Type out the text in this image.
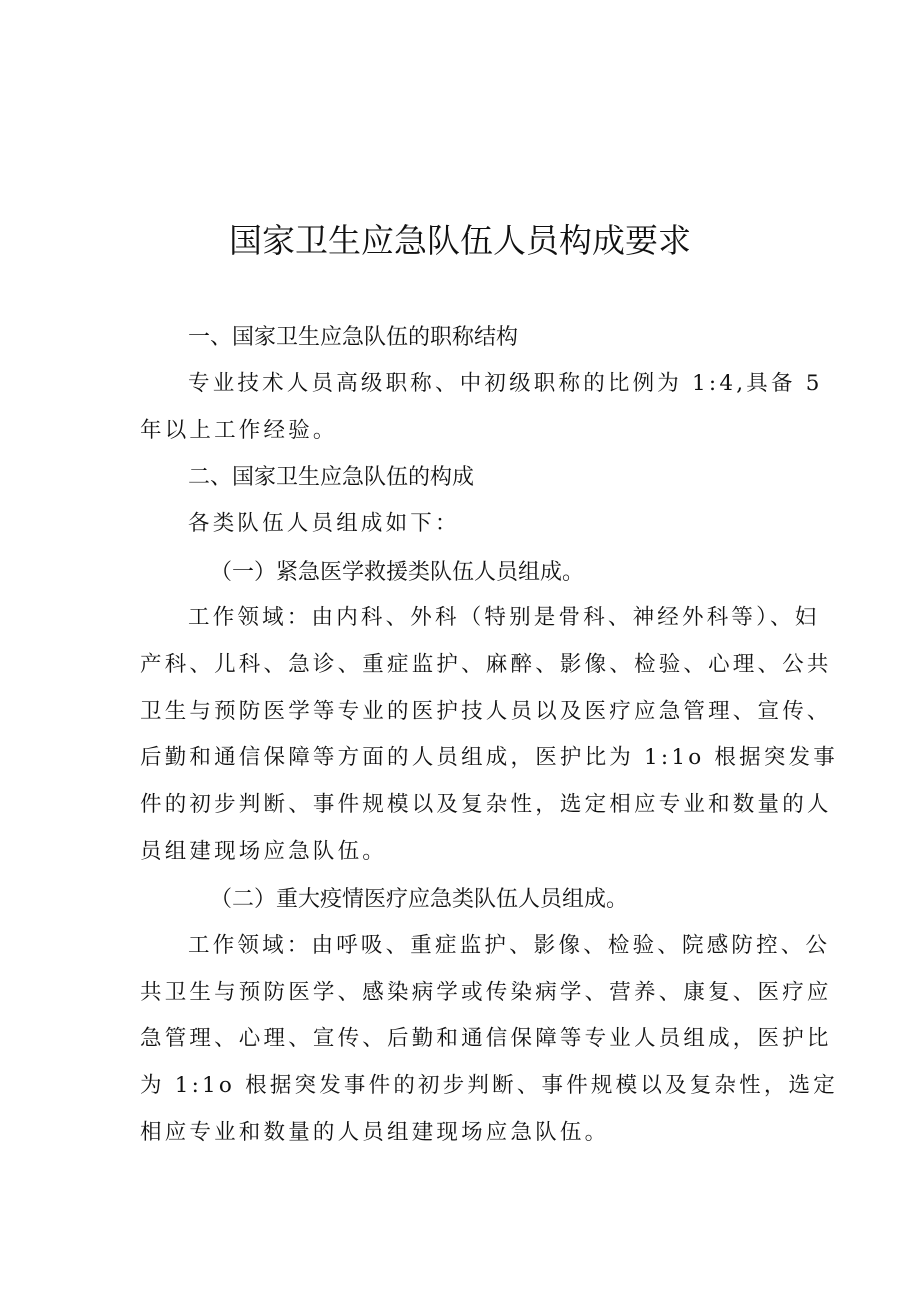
国家卫生应急队伍人员构成要求

一、国家卫生应急队伍的职称结构

专业技术人员高级职称、中初级职称的比例为 1:4,具备 5

年以上工作经验。

二、国家卫生应急队伍的构成

各类队伍人员组成如下：

（一）紧急医学救援类队伍人员组成。

工作领域：由内科、外科（特别是骨科、神经外科等）、妇

产科、儿科、急诊、重症监护、麻醉、影像、检验、心理、公共

卫生与预防医学等专业的医护技人员以及医疗应急管理、宣传、

后勤和通信保障等方面的人员组成，医护比为 1:1o 根据突发事

件的初步判断、事件规模以及复杂性，选定相应专业和数量的人

员组建现场应急队伍。

（二）重大疫情医疗应急类队伍人员组成。

工作领域：由呼吸、重症监护、影像、检验、院感防控、公

共卫生与预防医学、感染病学或传染病学、营养、康复、医疗应

急管理、心理、宣传、后勤和通信保障等专业人员组成，医护比

为 1:1o 根据突发事件的初步判断、事件规模以及复杂性，选定

相应专业和数量的人员组建现场应急队伍。
